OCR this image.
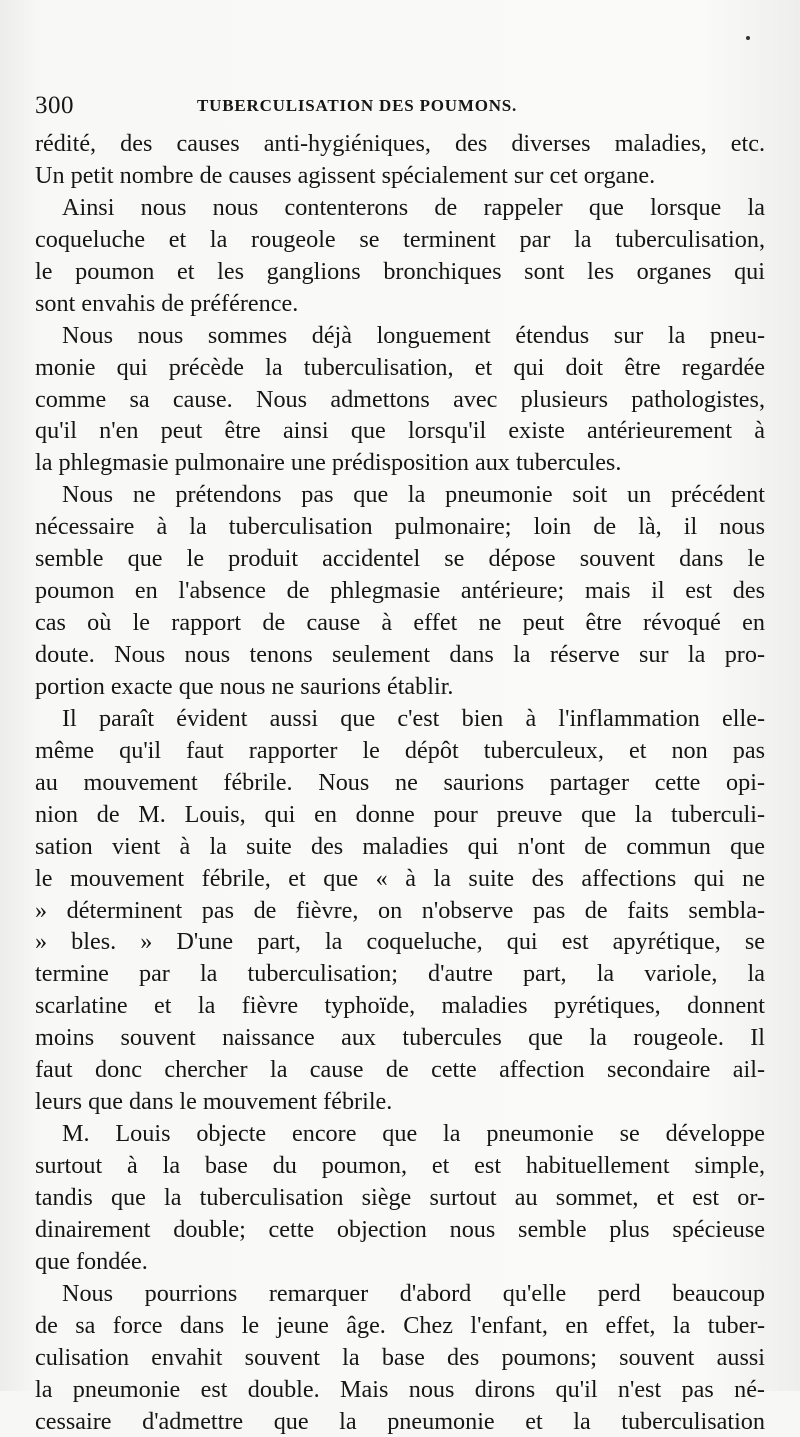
300	TUBERCULISATION DES POUMONS.
rédité, des causes anti-hygiéniques, des diverses maladies, etc.
Un petit nombre de causes agissent spécialement sur cet organe.
Ainsi nous nous contenterons de rappeler que lorsque la
coqueluche et la rougeole se terminent par la tuberculisation,
le poumon et les ganglions bronchiques sont les organes qui
sont envahis de préférence.
Nous nous sommes déjà longuement étendus sur la pneu-
monie qui précède la tuberculisation, et qui doit être regardée
comme sa cause. Nous admettons avec plusieurs pathologistes,
qu'il n'en peut être ainsi que lorsqu'il existe antérieurement à
la phlegmasie pulmonaire une prédisposition aux tubercules.
Nous ne prétendons pas que la pneumonie soit un précédent
nécessaire à la tuberculisation pulmonaire; loin de là, il nous
semble que le produit accidentel se dépose souvent dans le
poumon en l'absence de phlegmasie antérieure; mais il est des
cas où le rapport de cause à effet ne peut être révoqué en
doute. Nous nous tenons seulement dans la réserve sur la pro-
portion exacte que nous ne saurions établir.
Il paraît évident aussi que c'est bien à l'inflammation elle-
même qu'il faut rapporter le dépôt tuberculeux, et non pas
au mouvement fébrile. Nous ne saurions partager cette opi-
nion de M. Louis, qui en donne pour preuve que la tuberculi-
sation vient à la suite des maladies qui n'ont de commun que
le mouvement fébrile, et que « à la suite des affections qui ne
» déterminent pas de fièvre, on n'observe pas de faits sembla-
» bles. » D'une part, la coqueluche, qui est apyrétique, se
termine par la tuberculisation; d'autre part, la variole, la
scarlatine et la fièvre typhoïde, maladies pyrétiques, donnent
moins souvent naissance aux tubercules que la rougeole. Il
faut donc chercher la cause de cette affection secondaire ail-
leurs que dans le mouvement fébrile.
M. Louis objecte encore que la pneumonie se développe
surtout à la base du poumon, et est habituellement simple,
tandis que la tuberculisation siège surtout au sommet, et est or-
dinairement double; cette objection nous semble plus spécieuse
que fondée.
Nous pourrions remarquer d'abord qu'elle perd beaucoup
de sa force dans le jeune âge. Chez l'enfant, en effet, la tuber-
culisation envahit souvent la base des poumons; souvent aussi
la pneumonie est double. Mais nous dirons qu'il n'est pas né-
cessaire d'admettre que la pneumonie et la tuberculisation
